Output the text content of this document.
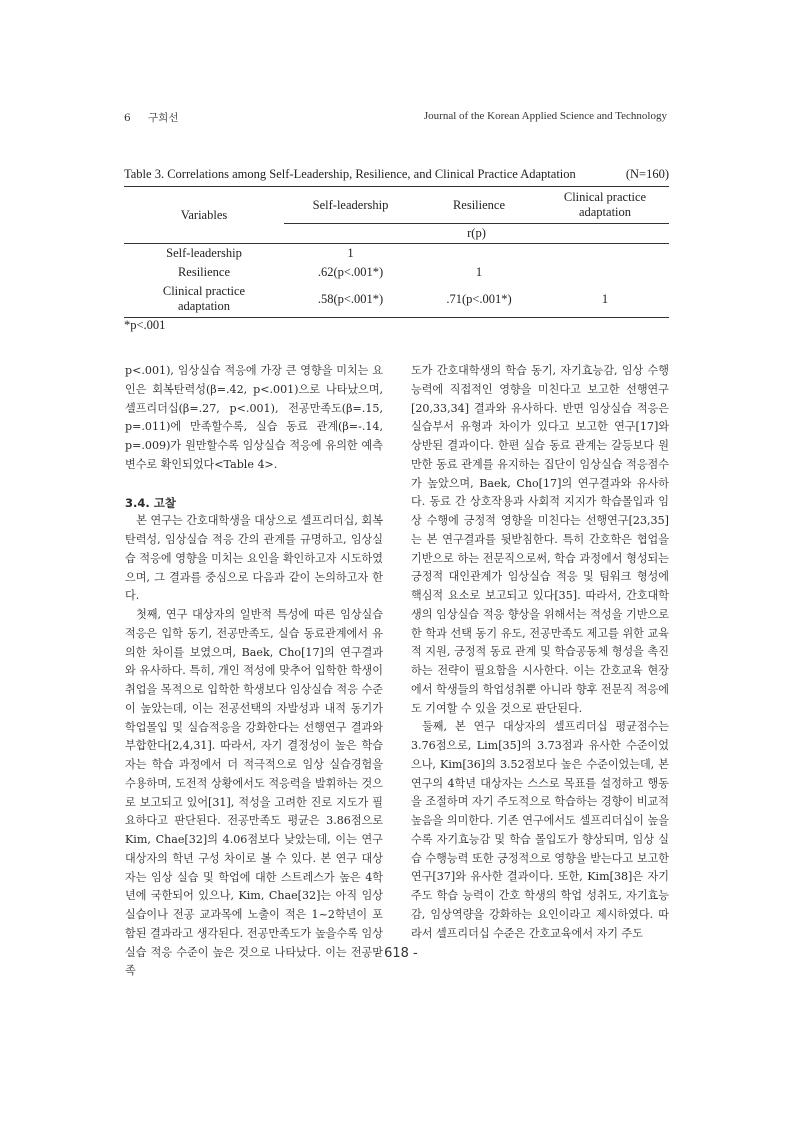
6 구희선	Journal of the Korean Applied Science and Technology
Table 3. Correlations among Self-Leadership, Resilience, and Clinical Practice Adaptation	(N=160)
Variables	Self-leadership	Resilience	Clinical practice
adaptation

	r(p)		
Self-leadership	1		
Resilience	.62(p<.001*)	1	

Clinical practice
adaptation	.58(p<.001*)	.71(p<.001*)	1
*p<.001

p<.001), 임상실습 적응에 가장 큰 영향을 미치는 요인은 회복탄력성(β=.42, p<.001)으로 나타났으며, 셀프리더십(β=.27, p<.001), 전공만족도(β=.15, p=.011)에 만족할수록, 실습 동료 관계(β=-.14, p=.009)가 원만할수록 임상실습 적응에 유의한 예측변수로 확인되었다<Table 4>.

3.4. 고찰

본 연구는 간호대학생을 대상으로 셀프리더십, 회복탄력성, 임상실습 적응 간의 관계를 규명하고, 임상실습 적응에 영향을 미치는 요인을 확인하고자 시도하였으며, 그 결과를 중심으로 다음과 같이 논의하고자 한다.

첫째, 연구 대상자의 일반적 특성에 따른 임상실습 적응은 입학 동기, 전공만족도, 실습 동료관계에서 유의한 차이를 보였으며, Baek, Cho[17]의 연구결과와 유사하다. 특히, 개인 적성에 맞추어 입학한 학생이 취업을 목적으로 입학한 학생보다 임상실습 적응 수준이 높았는데, 이는 전공선택의 자발성과 내적 동기가 학업몰입 및 실습적응을 강화한다는 선행연구 결과와 부합한다[2,4,31]. 따라서, 자기 결정성이 높은 학습자는 학습 과정에서 더 적극적으로 임상 실습경험을 수용하며, 도전적 상황에서도 적응력을 발휘하는 것으로 보고되고 있어[31], 적성을 고려한 진로 지도가 필요하다고 판단된다. 전공만족도 평균은 3.86점으로 Kim, Chae[32]의 4.06점보다 낮았는데, 이는 연구 대상자의 학년 구성 차이로 볼 수 있다. 본 연구 대상자는 임상 실습 및 학업에 대한 스트레스가 높은 4학년에 국한되어 있으나, Kim, Chae[32]는 아직 임상 실습이나 전공 교과목에 노출이 적은 1~2학년이 포함된 결과라고 생각된다. 전공만족도가 높을수록 임상실습 적응 수준이 높은 것으로 나타났다. 이는 전공만족

도가 간호대학생의 학습 동기, 자기효능감, 임상 수행능력에 직접적인 영향을 미친다고 보고한 선행연구[20,33,34] 결과와 유사하다. 반면 임상실습 적응은 실습부서 유형과 차이가 있다고 보고한 연구[17]와 상반된 결과이다. 한편 실습 동료 관계는 갈등보다 원만한 동료 관계를 유지하는 집단이 임상실습 적응점수가 높았으며, Baek, Cho[17]의 연구결과와 유사하다. 동료 간 상호작용과 사회적 지지가 학습몰입과 임상 수행에 긍정적 영향을 미친다는 선행연구[23,35]는 본 연구결과를 뒷받침한다. 특히 간호학은 협업을 기반으로 하는 전문직으로써, 학습 과정에서 형성되는 긍정적 대인관계가 임상실습 적응 및 팀워크 형성에 핵심적 요소로 보고되고 있다[35]. 따라서, 간호대학생의 임상실습 적응 향상을 위해서는 적성을 기반으로 한 학과 선택 동기 유도, 전공만족도 제고를 위한 교육적 지원, 긍정적 동료 관계 및 학습공동체 형성을 촉진하는 전략이 필요함을 시사한다. 이는 간호교육 현장에서 학생들의 학업성취뿐 아니라 향후 전문직 적응에도 기여할 수 있을 것으로 판단된다.

둘째, 본 연구 대상자의 셀프리더십 평균점수는 3.76점으로, Lim[35]의 3.73점과 유사한 수준이었으나, Kim[36]의 3.52점보다 높은 수준이었는데, 본 연구의 4학년 대상자는 스스로 목표를 설정하고 행동을 조절하며 자기 주도적으로 학습하는 경향이 비교적 높음을 의미한다. 기존 연구에서도 셀프리더십이 높을수록 자기효능감 및 학습 몰입도가 향상되며, 임상 실습 수행능력 또한 긍정적으로 영향을 받는다고 보고한 연구[37]와 유사한 결과이다. 또한, Kim[38]은 자기주도 학습 능력이 간호 학생의 학업 성취도, 자기효능감, 임상역량을 강화하는 요인이라고 제시하였다. 따라서 셀프리더십 수준은 간호교육에서 자기 주도

- 618 -
